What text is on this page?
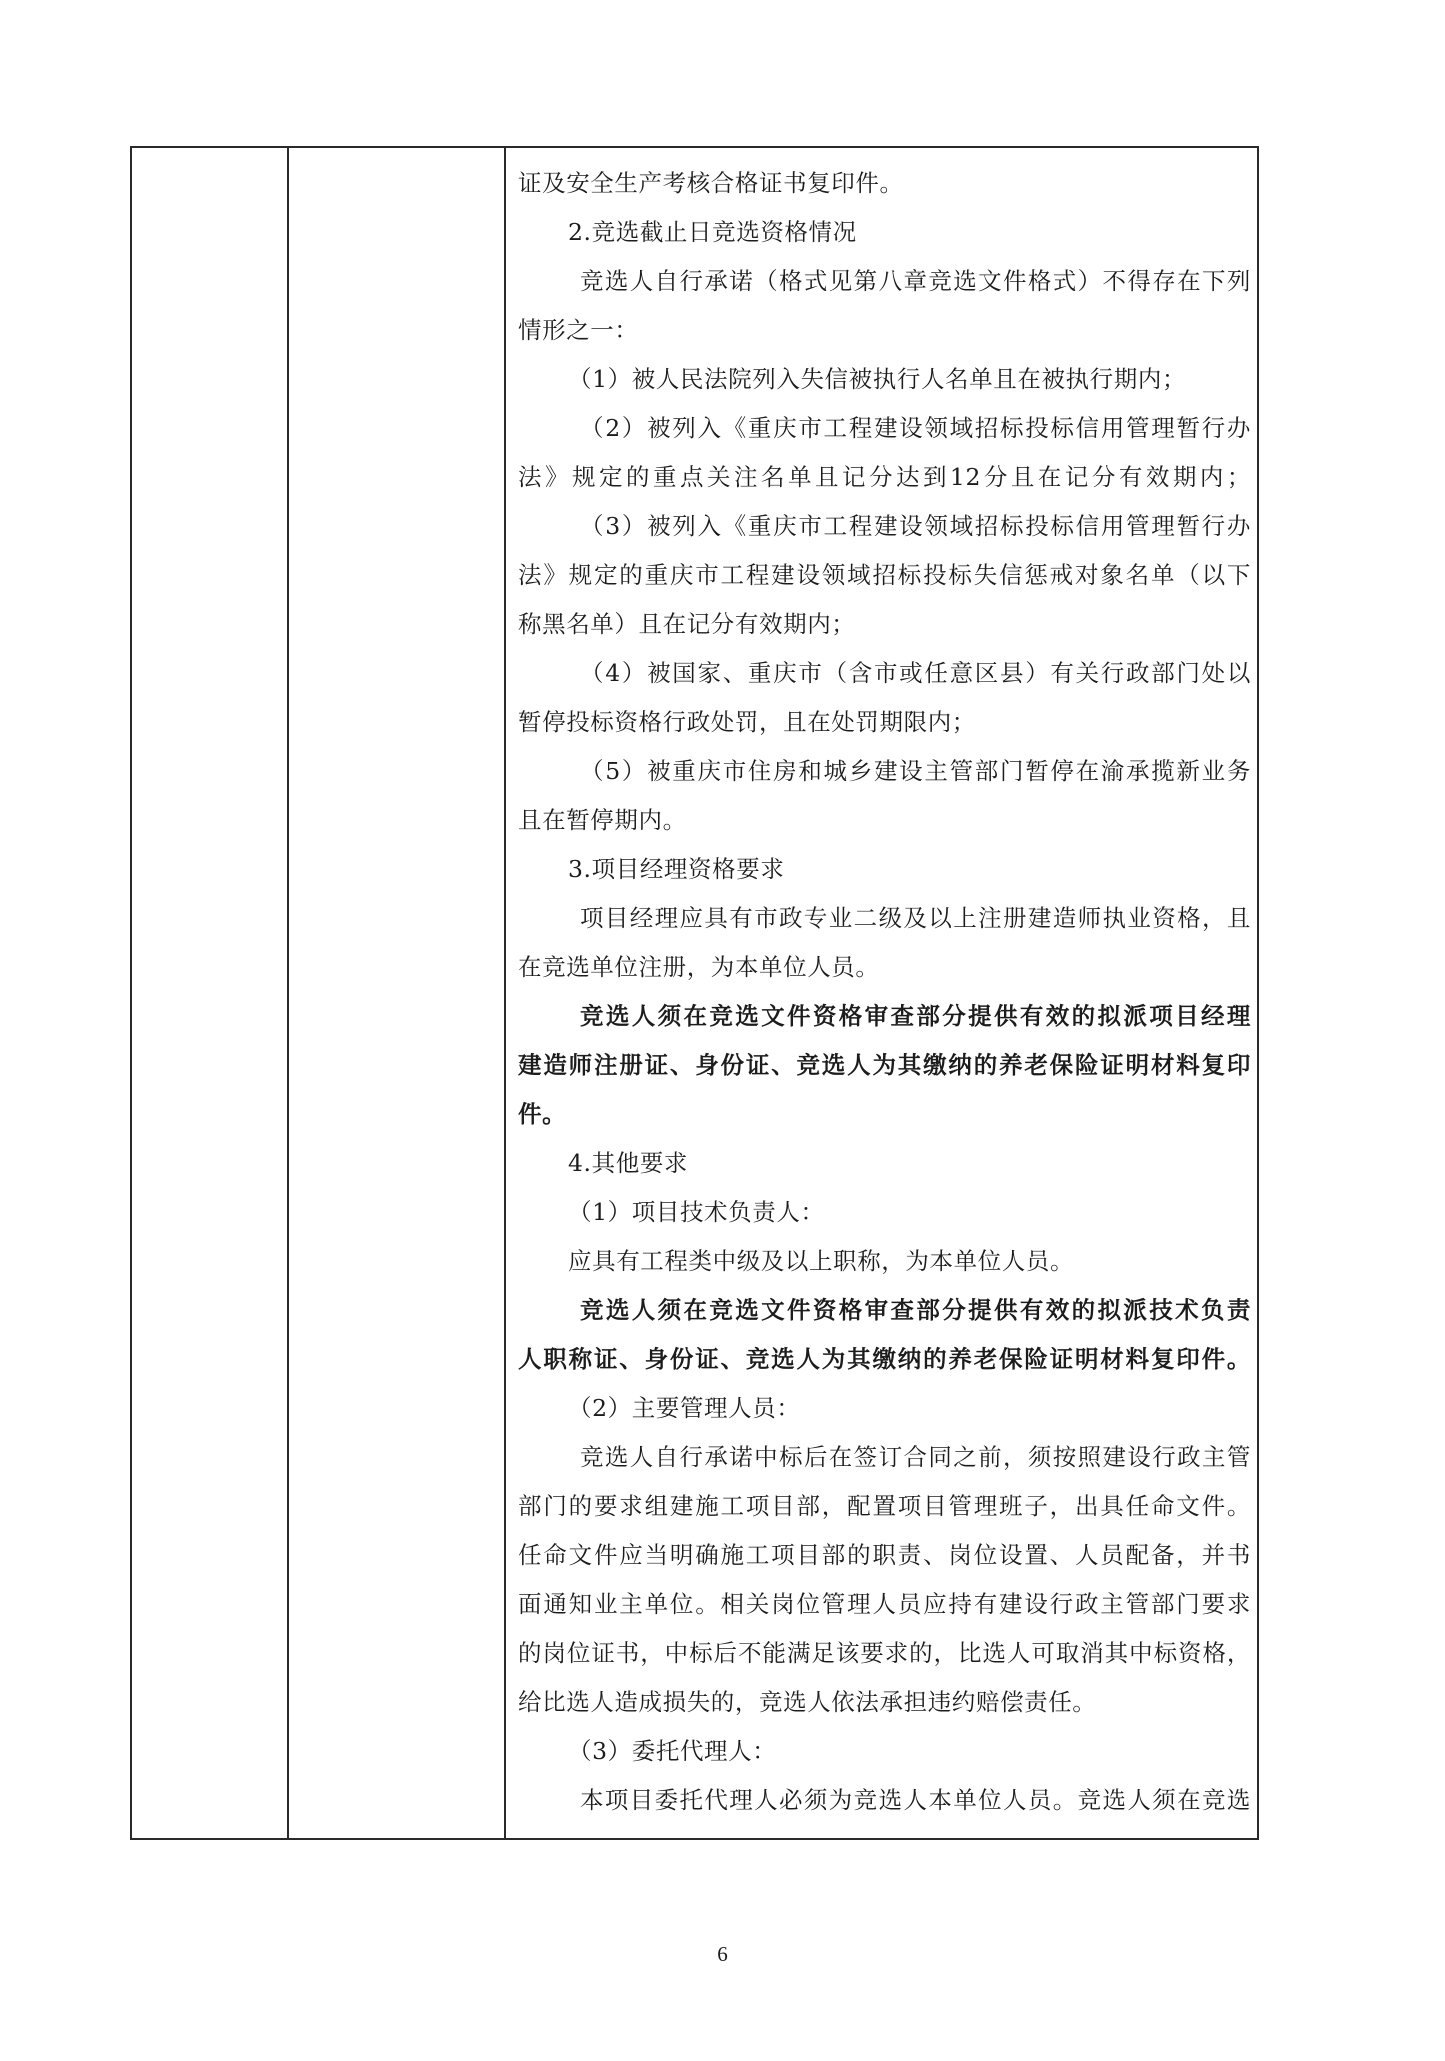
证及安全生产考核合格证书复印件。
2.竞选截止日竞选资格情况
竞选人自行承诺（格式见第八章竞选文件格式）不得存在下列
情形之一：
（1）被人民法院列入失信被执行人名单且在被执行期内；
（2）被列入《重庆市工程建设领域招标投标信用管理暂行办
法》规定的重点关注名单且记分达到12分且在记分有效期内；
（3）被列入《重庆市工程建设领域招标投标信用管理暂行办
法》规定的重庆市工程建设领域招标投标失信惩戒对象名单（以下
称黑名单）且在记分有效期内；
（4）被国家、重庆市（含市或任意区县）有关行政部门处以
暂停投标资格行政处罚，且在处罚期限内；
（5）被重庆市住房和城乡建设主管部门暂停在渝承揽新业务
且在暂停期内。
3.项目经理资格要求
项目经理应具有市政专业二级及以上注册建造师执业资格，且
在竞选单位注册，为本单位人员。
竞选人须在竞选文件资格审查部分提供有效的拟派项目经理
建造师注册证、身份证、竞选人为其缴纳的养老保险证明材料复印
件。
4.其他要求
（1）项目技术负责人：
应具有工程类中级及以上职称，为本单位人员。
竞选人须在竞选文件资格审查部分提供有效的拟派技术负责
人职称证、身份证、竞选人为其缴纳的养老保险证明材料复印件。
（2）主要管理人员：
竞选人自行承诺中标后在签订合同之前，须按照建设行政主管
部门的要求组建施工项目部，配置项目管理班子，出具任命文件。
任命文件应当明确施工项目部的职责、岗位设置、人员配备，并书
面通知业主单位。相关岗位管理人员应持有建设行政主管部门要求
的岗位证书，中标后不能满足该要求的，比选人可取消其中标资格，
给比选人造成损失的，竞选人依法承担违约赔偿责任。
（3）委托代理人：
本项目委托代理人必须为竞选人本单位人员。竞选人须在竞选
6
